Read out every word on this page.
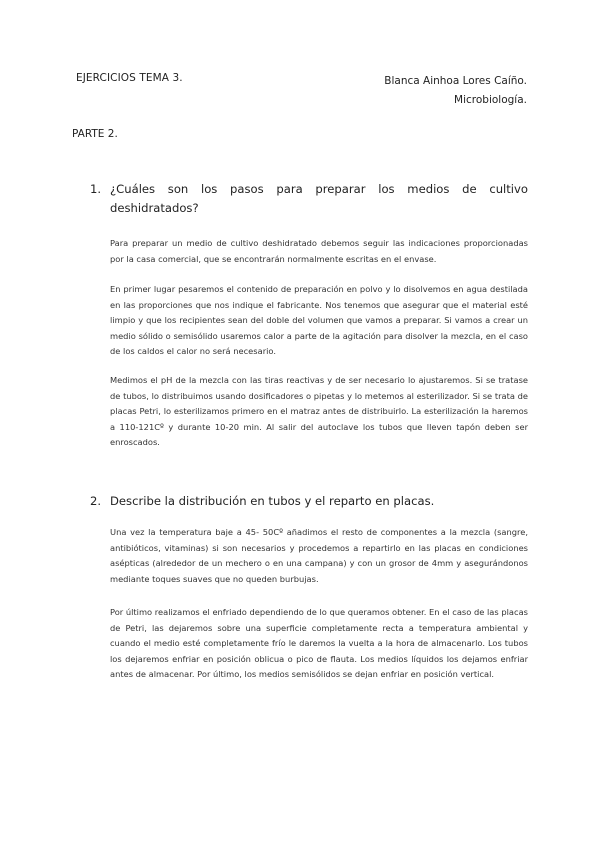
EJERCICIOS TEMA 3.	Blanca Ainhoa Lores Caíño.
Microbiología.
PARTE 2.
1. ¿Cuáles son los pasos para preparar los medios de cultivo deshidratados?

Para preparar un medio de cultivo deshidratado debemos seguir las indicaciones proporcionadas por la casa comercial, que se encontrarán normalmente escritas en el envase.

En primer lugar pesaremos el contenido de preparación en polvo y lo disolvemos en agua destilada en las proporciones que nos indique el fabricante. Nos tenemos que asegurar que el material esté limpio y que los recipientes sean del doble del volumen que vamos a preparar. Si vamos a crear un medio sólido o semisólido usaremos calor a parte de la agitación para disolver la mezcla, en el caso de los caldos el calor no será necesario.

Medimos el pH de la mezcla con las tiras reactivas y de ser necesario lo ajustaremos. Si se tratase de tubos, lo distribuimos usando dosificadores o pipetas y lo metemos al esterilizador. Si se trata de placas Petri, lo esterilizamos primero en el matraz antes de distribuirlo. La esterilización la haremos a 110-121Cº y durante 10-20 min. Al salir del autoclave los tubos que lleven tapón deben ser enroscados.

2. Describe la distribución en tubos y el reparto en placas.

Una vez la temperatura baje a 45- 50Cº añadimos el resto de componentes a la mezcla (sangre, antibióticos, vitaminas) si son necesarios y procedemos a repartirlo en las placas en condiciones asépticas (alrededor de un mechero o en una campana) y con un grosor de 4mm y asegurándonos mediante toques suaves que no queden burbujas.

Por último realizamos el enfriado dependiendo de lo que queramos obtener. En el caso de las placas de Petri, las dejaremos sobre una superficie completamente recta a temperatura ambiental y cuando el medio esté completamente frío le daremos la vuelta a la hora de almacenarlo. Los tubos los dejaremos enfriar en posición oblicua o pico de flauta. Los medios líquidos los dejamos enfriar antes de almacenar. Por último, los medios semisólidos se dejan enfriar en posición vertical.
